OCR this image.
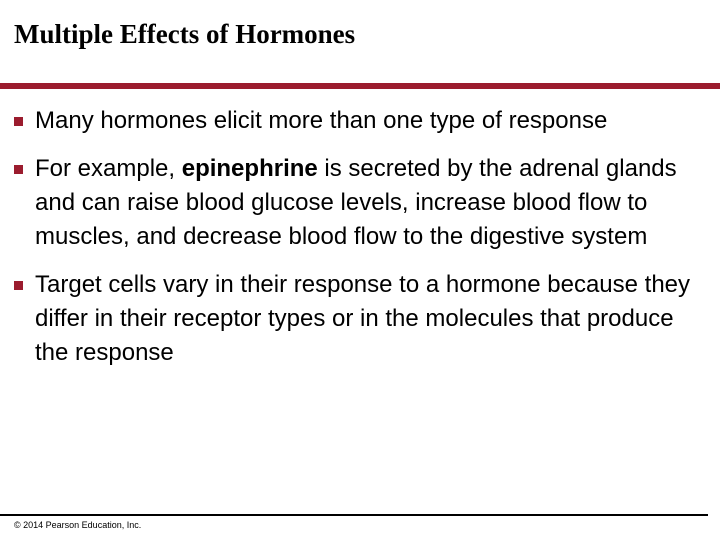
Multiple Effects of Hormones
Many hormones elicit more than one type of response
For example, epinephrine is secreted by the adrenal glands and can raise blood glucose levels, increase blood flow to muscles, and decrease blood flow to the digestive system
Target cells vary in their response to a hormone because they differ in their receptor types or in the molecules that produce the response
© 2014 Pearson Education, Inc.
